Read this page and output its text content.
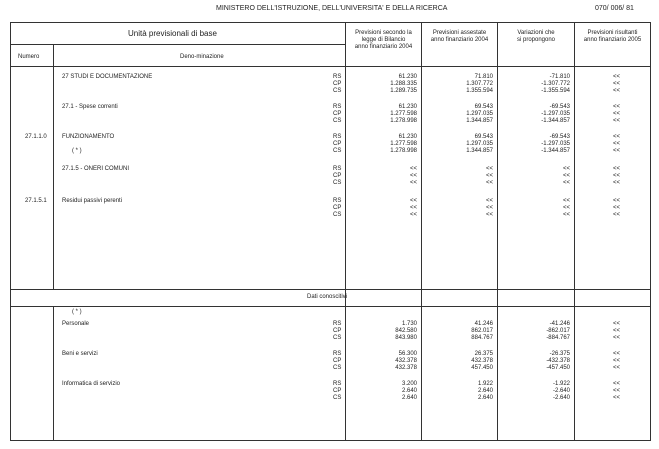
MINISTERO DELL'ISTRUZIONE, DELL'UNIVERSITA' E DELLA RICERCA	070/ 006/ 81
Unità previsionali di base
Numero	Deno-minazione
Previsioni secondo la
legge di Bilancio
anno finanziario 2004
Previsioni assestate
anno finanziario 2004
Variazioni che
si propongono
Previsioni risultanti
anno finanziario 2005
27 STUDI E DOCUMENTAZIONE	RS	61.230	71.810	-71.810	<<
CP	1.288.335	1.307.772	-1.307.772	<<
CS	1.289.735	1.355.594	-1.355.594	<<
27.1 - Spese correnti	RS	61.230	69.543	-69.543	<<
CP	1.277.598	1.297.035	-1.297.035	<<
CS	1.278.998	1.344.857	-1.344.857	<<
27.1.1.0	FUNZIONAMENTO
( * )
RS	61.230	69.543	-69.543	<<
CP	1.277.598	1.297.035	-1.297.035	<<
CS	1.278.998	1.344.857	-1.344.857	<<
27.1.5 - ONERI COMUNI	RS	<<	<<	<<	<<
CP	<<	<<	<<	<<
CS	<<	<<	<<	<<
27.1.5.1	Residui passivi perenti	RS	<<	<<	<<	<<
CP	<<	<<	<<	<<
CS	<<	<<	<<	<<
Dati conoscitivi
( * )
Personale	RS	1.730	41.246	-41.246	<<
CP	842.580	862.017	-862.017	<<
CS	843.980	884.767	-884.767	<<
Beni e servizi	RS	56.300	26.375	-26.375	<<
CP	432.378	432.378	-432.378	<<
CS	432.378	457.450	-457.450	<<
Informatica di servizio	RS	3.200	1.922	-1.922	<<
CP	2.640	2.640	-2.640	<<
CS	2.640	2.640	-2.640	<<
